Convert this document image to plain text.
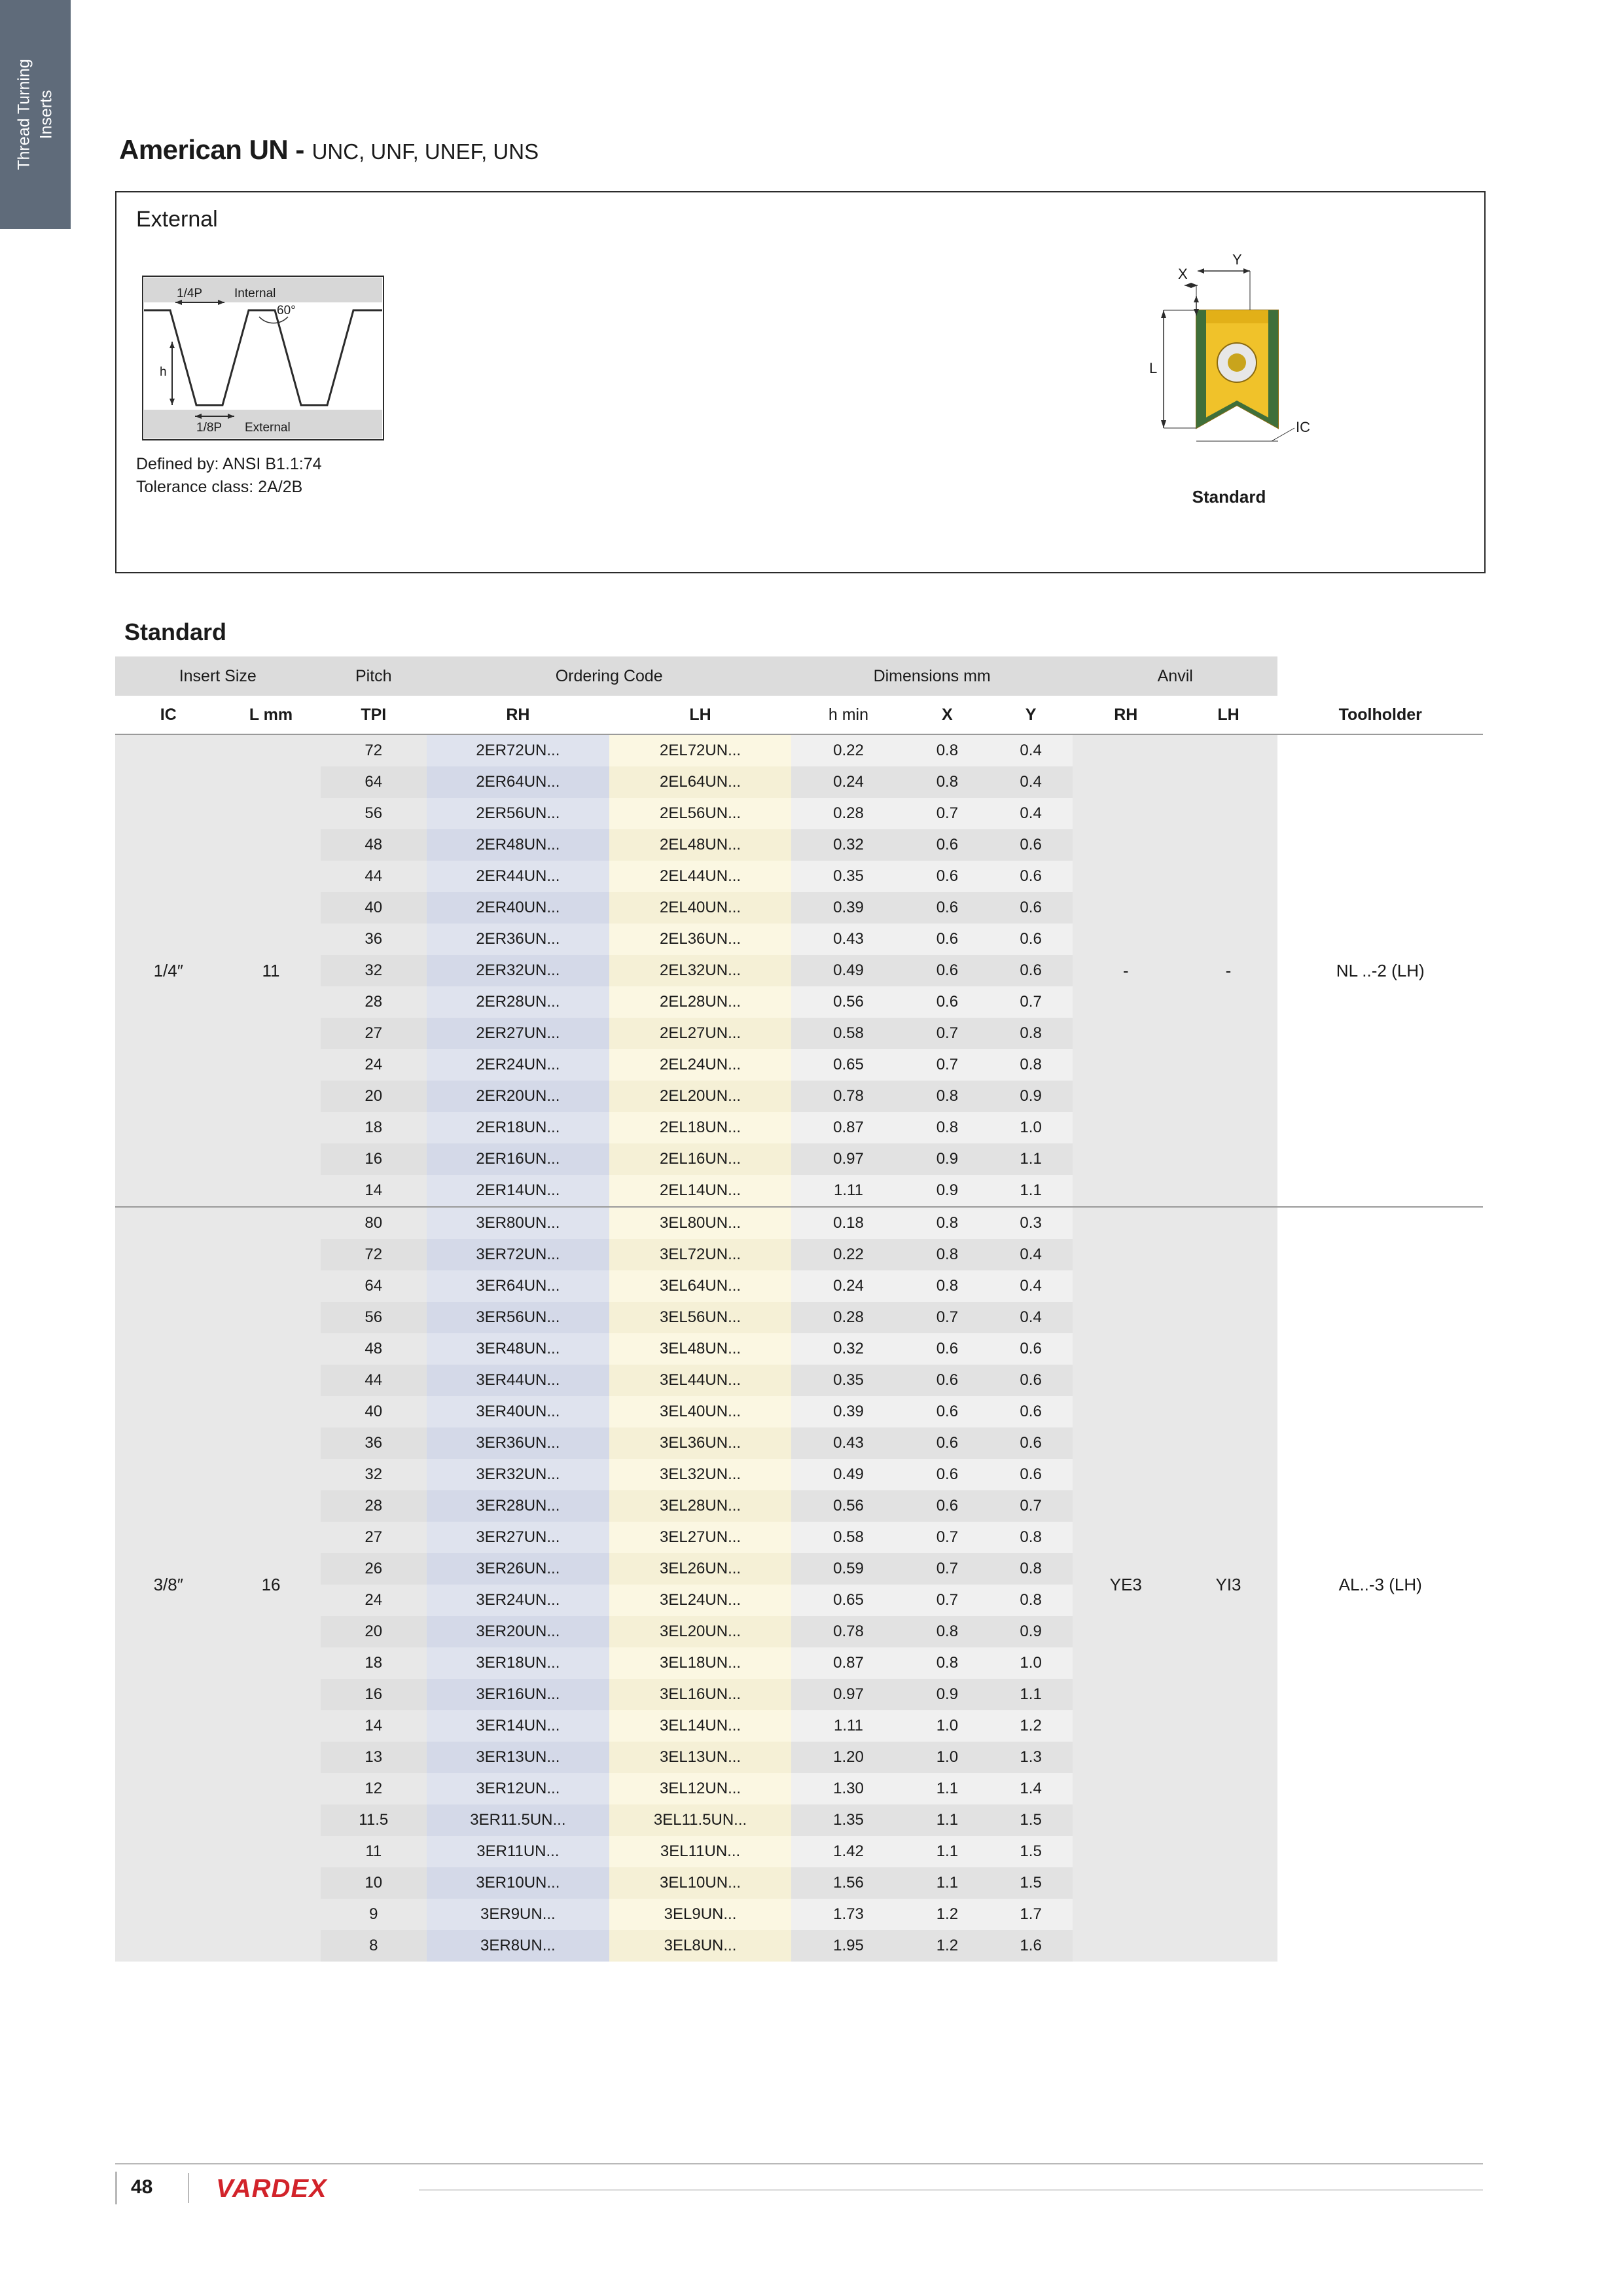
Thread Turning Inserts
American UN - UNC, UNF, UNEF, UNS
External
1/4P	Internal
60°
h
1/8P External
Defined by: ANSI B1.1:74
Tolerance class: 2A/2B
L
X
Y
IC
Standard
Standard
Insert Size		Pitch	Ordering Code		Dimensions mm			Anvil		
IC	L mm	TPI	RH	LH	h min	X	Y	RH	LH	Toolholder
1/4″	11	72	2ER72UN...	2EL72UN...	0.22	0.8	0.4	-	-	NL ..-2 (LH)
		64	2ER64UN...	2EL64UN...	0.24	0.8	0.4			
		56	2ER56UN...	2EL56UN...	0.28	0.7	0.4			
		48	2ER48UN...	2EL48UN...	0.32	0.6	0.6			
		44	2ER44UN...	2EL44UN...	0.35	0.6	0.6			
		40	2ER40UN...	2EL40UN...	0.39	0.6	0.6			
		36	2ER36UN...	2EL36UN...	0.43	0.6	0.6			
		32	2ER32UN...	2EL32UN...	0.49	0.6	0.6			
		28	2ER28UN...	2EL28UN...	0.56	0.6	0.7			
		27	2ER27UN...	2EL27UN...	0.58	0.7	0.8			
		24	2ER24UN...	2EL24UN...	0.65	0.7	0.8			
		20	2ER20UN...	2EL20UN...	0.78	0.8	0.9			
		18	2ER18UN...	2EL18UN...	0.87	0.8	1.0			
		16	2ER16UN...	2EL16UN...	0.97	0.9	1.1			
		14	2ER14UN...	2EL14UN...	1.11	0.9	1.1			
3/8″	16	80	3ER80UN...	3EL80UN...	0.18	0.8	0.3	YE3	YI3	AL..-3 (LH)
		72	3ER72UN...	3EL72UN...	0.22	0.8	0.4			
		64	3ER64UN...	3EL64UN...	0.24	0.8	0.4			
		56	3ER56UN...	3EL56UN...	0.28	0.7	0.4			
		48	3ER48UN...	3EL48UN...	0.32	0.6	0.6			
		44	3ER44UN...	3EL44UN...	0.35	0.6	0.6			
		40	3ER40UN...	3EL40UN...	0.39	0.6	0.6			
		36	3ER36UN...	3EL36UN...	0.43	0.6	0.6			
		32	3ER32UN...	3EL32UN...	0.49	0.6	0.6			
		28	3ER28UN...	3EL28UN...	0.56	0.6	0.7			
		27	3ER27UN...	3EL27UN...	0.58	0.7	0.8			
		26	3ER26UN...	3EL26UN...	0.59	0.7	0.8			
		24	3ER24UN...	3EL24UN...	0.65	0.7	0.8			
		20	3ER20UN...	3EL20UN...	0.78	0.8	0.9			
		18	3ER18UN...	3EL18UN...	0.87	0.8	1.0			
		16	3ER16UN...	3EL16UN...	0.97	0.9	1.1			
		14	3ER14UN...	3EL14UN...	1.11	1.0	1.2			
		13	3ER13UN...	3EL13UN...	1.20	1.0	1.3			
		12	3ER12UN...	3EL12UN...	1.30	1.1	1.4			
		11.5	3ER11.5UN...	3EL11.5UN...	1.35	1.1	1.5			
		11	3ER11UN...	3EL11UN...	1.42	1.1	1.5			
		10	3ER10UN...	3EL10UN...	1.56	1.1	1.5			
		9	3ER9UN...	3EL9UN...	1.73	1.2	1.7			
		8	3ER8UN...	3EL8UN...	1.95	1.2	1.6			
48 VARDEX
